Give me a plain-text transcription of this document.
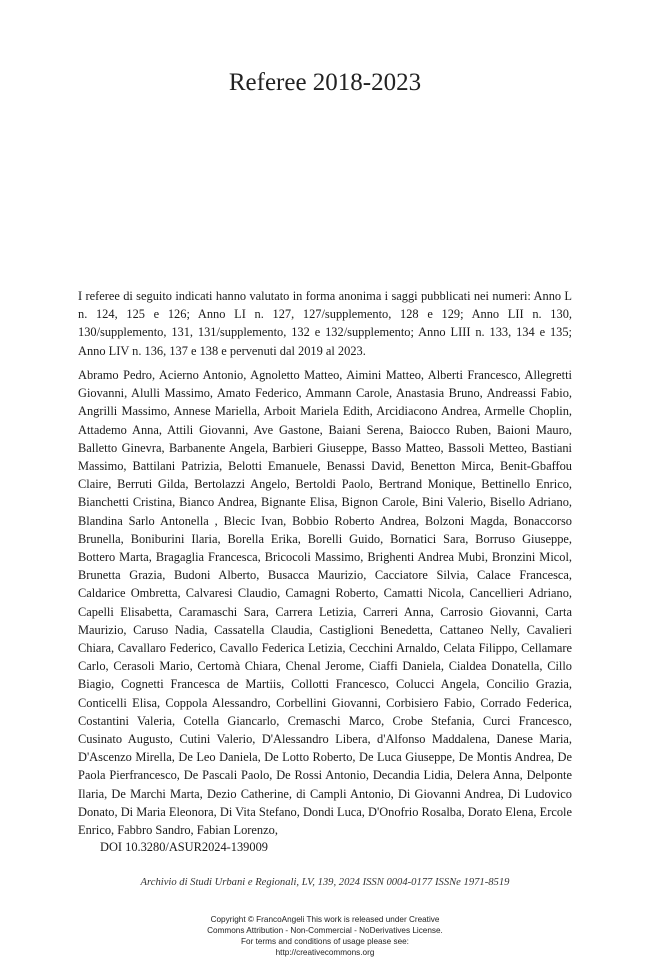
Referee 2018-2023

I referee di seguito indicati hanno valutato in forma anonima i saggi pubblicati nei numeri: Anno L n. 124, 125 e 126; Anno LI n. 127, 127/supplemento, 128 e 129; Anno LII n. 130, 130/supplemento, 131, 131/supplemento, 132 e 132/supplemento; Anno LIII n. 133, 134 e 135; Anno LIV n. 136, 137 e 138 e pervenuti dal 2019 al 2023.

Abramo Pedro, Acierno Antonio, Agnoletto Matteo, Aimini Matteo, Alberti Francesco, Allegretti Giovanni, Alulli Massimo, Amato Federico, Ammann Carole, Anastasia Bruno, Andreassi Fabio, Angrilli Massimo, Annese Mariella, Arboit Mariela Edith, Arcidiacono Andrea, Armelle Choplin, Attademo Anna, Attili Giovanni, Ave Gastone, Baiani Serena, Baiocco Ruben, Baioni Mauro, Balletto Ginevra, Barbanente Angela, Barbieri Giuseppe, Basso Matteo, Bassoli Metteo, Bastiani Massimo, Battilani Patrizia, Belotti Emanuele, Benassi David, Benetton Mirca, Benit-Gbaffou Claire, Berruti Gilda, Bertolazzi Angelo, Bertoldi Paolo, Bertrand Monique, Bettinello Enrico, Bianchetti Cristina, Bianco Andrea, Bignante Elisa, Bignon Carole, Bini Valerio, Bisello Adriano, Blandina Sarlo Antonella , Blecic Ivan, Bobbio Roberto Andrea, Bolzoni Magda, Bonaccorso Brunella, Boniburini Ilaria, Borella Erika, Borelli Guido, Bornatici Sara, Borruso Giuseppe, Bottero Marta, Bragaglia Francesca, Bricocoli Massimo, Brighenti Andrea Mubi, Bronzini Micol, Brunetta Grazia, Budoni Alberto, Busacca Maurizio, Cacciatore Silvia, Calace Francesca, Caldarice Ombretta, Calvaresi Claudio, Camagni Roberto, Camatti Nicola, Cancellieri Adriano, Capelli Elisabetta, Caramaschi Sara, Carrera Letizia, Carreri Anna, Carrosio Giovanni, Carta Maurizio, Caruso Nadia, Cassatella Claudia, Castiglioni Benedetta, Cattaneo Nelly, Cavalieri Chiara, Cavallaro Federico, Cavallo Federica Letizia, Cecchini Arnaldo, Celata Filippo, Cellamare Carlo, Cerasoli Mario, Certomà Chiara, Chenal Jerome, Ciaffi Daniela, Cialdea Donatella, Cillo Biagio, Cognetti Francesca de Martiis, Collotti Francesco, Colucci Angela, Concilio Grazia, Conticelli Elisa, Coppola Alessandro, Corbellini Giovanni, Corbisiero Fabio, Corrado Federica, Costantini Valeria, Cotella Giancarlo, Cremaschi Marco, Crobe Stefania, Curci Francesco, Cusinato Augusto, Cutini Valerio, D'Alessandro Libera, d'Alfonso Maddalena, Danese Maria, D'Ascenzo Mirella, De Leo Daniela, De Lotto Roberto, De Luca Giuseppe, De Montis Andrea, De Paola Pierfrancesco, De Pascali Paolo, De Rossi Antonio, Decandia Lidia, Delera Anna, Delponte Ilaria, De Marchi Marta, Dezio Catherine, di Campli Antonio, Di Giovanni Andrea, Di Ludovico Donato, Di Maria Eleonora, Di Vita Stefano, Dondi Luca, D'Onofrio Rosalba, Dorato Elena, Ercole Enrico, Fabbro Sandro, Fabian Lorenzo,

DOI 10.3280/ASUR2024-139009

Archivio di Studi Urbani e Regionali, LV, 139, 2024 ISSN 0004-0177 ISSNe 1971-8519

Copyright © FrancoAngeli This work is released under Creative
Commons Attribution - Non-Commercial - NoDerivatives License.
For terms and conditions of usage please see:
http://creativecommons.org
